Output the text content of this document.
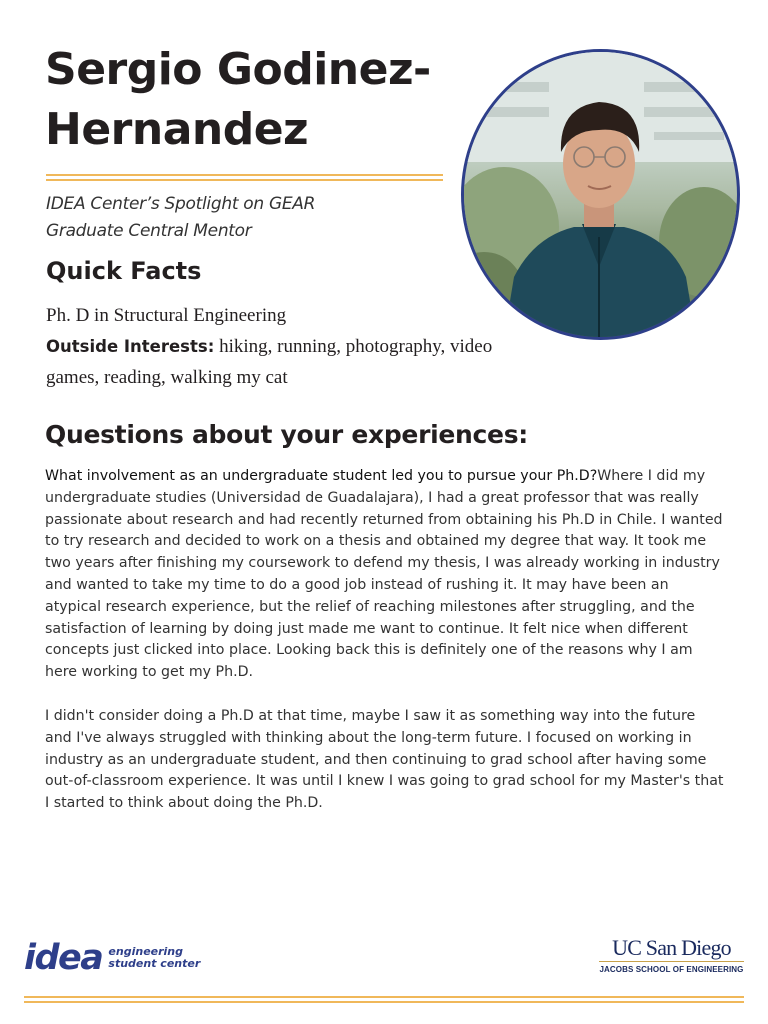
Sergio Godinez-Hernandez
IDEA Center’s Spotlight on GEAR
Graduate Central Mentor
Quick Facts
Ph. D in Structural Engineering
Outside Interests: hiking, running, photography, video games, reading, walking my cat
Questions about your experiences:
What involvement as an undergraduate student led you to pursue your Ph.D?Where I did my undergraduate studies (Universidad de Guadalajara), I had a great professor that was really passionate about research and had recently returned from obtaining his Ph.D in Chile. I wanted to try research and decided to work on a thesis and obtained my degree that way. It took me two years after finishing my coursework to defend my thesis, I was already working in industry and wanted to take my time to do a good job instead of rushing it. It may have been an atypical research experience, but the relief of reaching milestones after struggling, and the satisfaction of learning by doing just made me want to continue. It felt nice when different concepts just clicked into place. Looking back this is definitely one of the reasons why I am here working to get my Ph.D.
I didn't consider doing a Ph.D at that time, maybe I saw it as something way into the future and I've always struggled with thinking about the long-term future. I focused on working in industry as an undergraduate student, and then continuing to grad school after having some out-of-classroom experience. It was until I knew I was going to grad school for my Master's that I started to think about doing the Ph.D.
idea engineering
student center
UC San Diego
JACOBS SCHOOL OF ENGINEERING
